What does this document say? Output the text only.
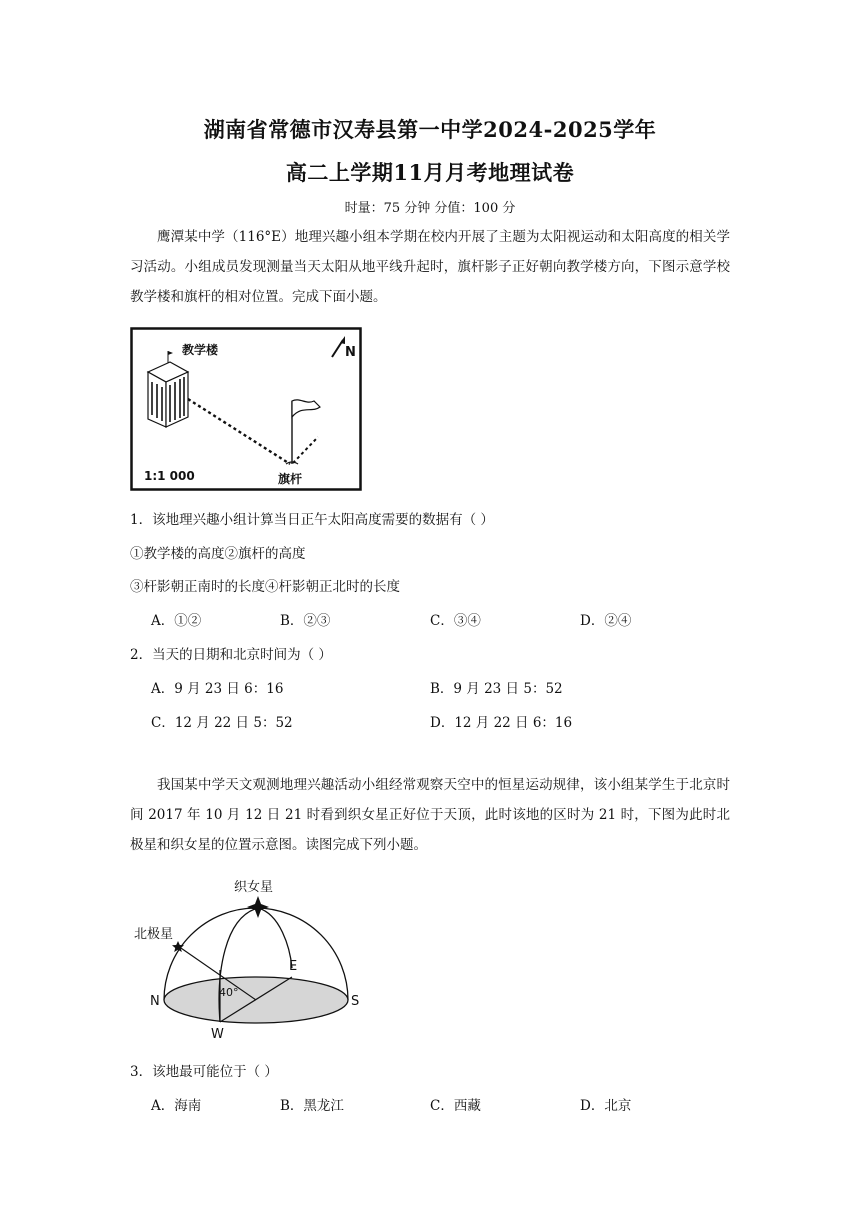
湖南省常德市汉寿县第一中学2024-2025学年
高二上学期11月月考地理试卷
时量：75 分钟 分值：100 分
鹰潭某中学（116°E）地理兴趣小组本学期在校内开展了主题为太阳视运动和太阳高度的相关学习活动。小组成员发现测量当天太阳从地平线升起时，旗杆影子正好朝向教学楼方向，下图示意学校教学楼和旗杆的相对位置。完成下面小题。
教学楼	N
旗杆
1:1 000
1．该地理兴趣小组计算当日正午太阳高度需要的数据有（ ）
①教学楼的高度②旗杆的高度
③杆影朝正南时的长度④杆影朝正北时的长度
A．①②	B．②③	C．③④	D．②④
2．当天的日期和北京时间为（ ）
A．9 月 23 日 6：16	B．9 月 23 日 5：52
C．12 月 22 日 5：52	D．12 月 22 日 6：16
我国某中学天文观测地理兴趣活动小组经常观察天空中的恒星运动规律，该小组某学生于北京时间 2017 年 10 月 12 日 21 时看到织女星正好位于天顶，此时该地的区时为 21 时，下图为此时北极星和织女星的位置示意图。读图完成下列小题。
织女星
北极星
N	S
E
W
40°
3．该地最可能位于（ ）
A．海南	B．黑龙江	C．西藏	D．北京
